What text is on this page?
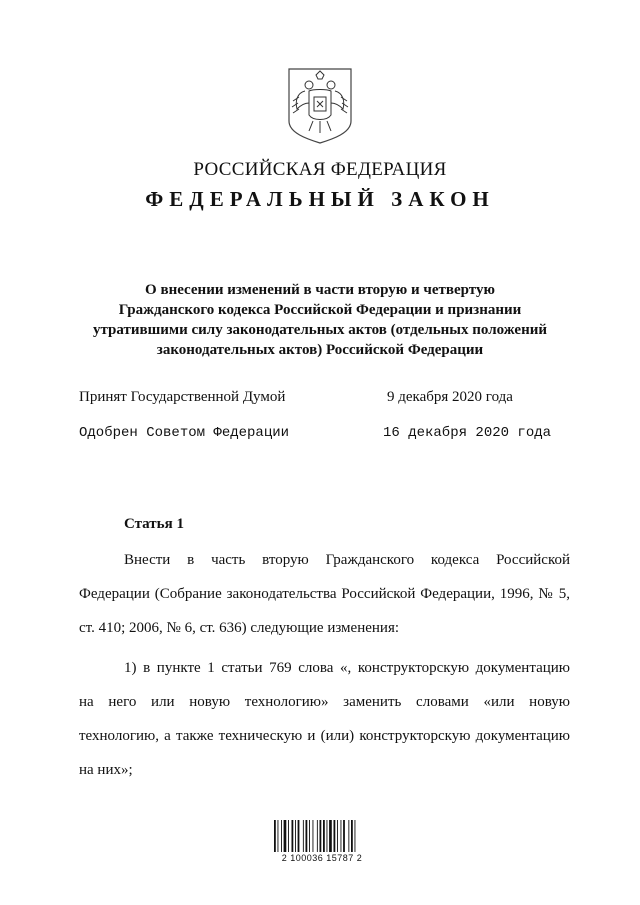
РОССИЙСКАЯ ФЕДЕРАЦИЯ
ФЕДЕРАЛЬНЫЙ ЗАКОН
О внесении изменений в части вторую и четвертую
Гражданского кодекса Российской Федерации и признании
утратившими силу законодательных актов (отдельных положений
законодательных актов) Российской Федерации
Принят Государственной Думой	9 декабря 2020 года
Одобрен Советом Федерации	16 декабря 2020 года
Статья 1

Внести в часть вторую Гражданского кодекса Российской

Федерации (Собрание законодательства Российской Федерации, 1996, № 5,

ст. 410; 2006, № 6, ст. 636) следующие изменения:

1) в пункте 1 статьи 769 слова «, конструкторскую документацию

на него или новую технологию» заменить словами «или новую

технологию, а также техническую и (или) конструкторскую документацию

на них»;

2 100036 15787 2
